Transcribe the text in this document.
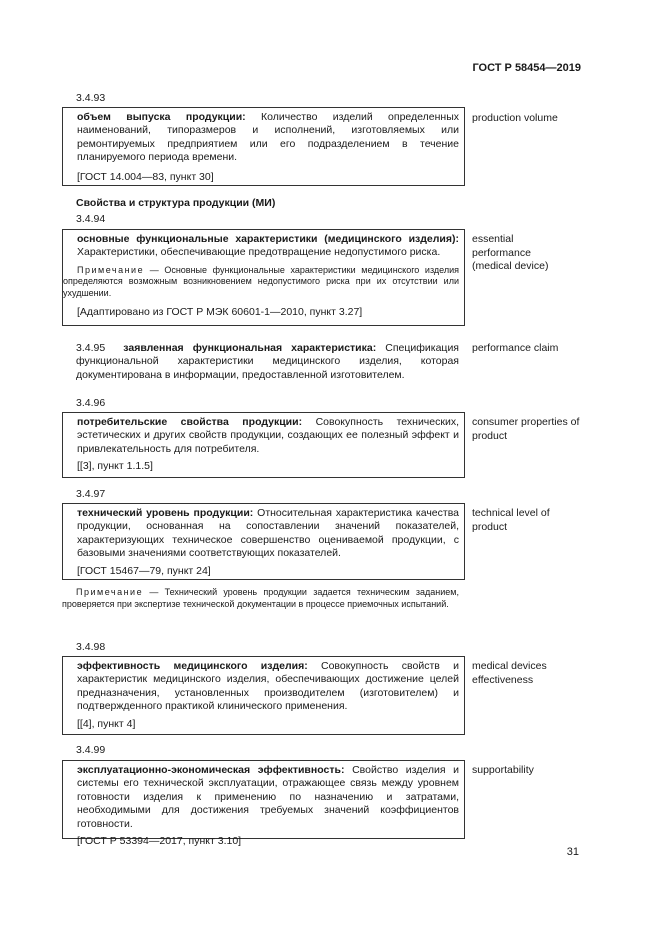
ГОСТ Р 58454—2019
3.4.93
объем выпуска продукции: Количество изделий определенных наименований, типоразмеров и исполнений, изготовляемых или ремонтируемых предприятием или его подразделением в течение планируемого периода времени.
[ГОСТ 14.004—83, пункт 30]
production volume
Свойства и структура продукции (МИ)
3.4.94
основные функциональные характеристики (медицинского изделия): Характеристики, обеспечивающие предотвращение недопустимого риска.
Примечание — Основные функциональные характеристики медицинского изделия определяются возможным возникновением недопустимого риска при их отсутствии или ухудшении.
[Адаптировано из ГОСТ Р МЭК 60601-1—2010, пункт 3.27]
essential performance (medical device)
3.4.95 заявленная функциональная характеристика: Спецификация функциональной характеристики медицинского изделия, которая документирована в информации, предоставленной изготовителем.
performance claim
3.4.96
потребительские свойства продукции: Совокупность технических, эстетических и других свойств продукции, создающих ее полезный эффект и привлекательность для потребителя.
[[3], пункт 1.1.5]
consumer properties of product
3.4.97
технический уровень продукции: Относительная характеристика качества продукции, основанная на сопоставлении значений показателей, характеризующих техническое совершенство оцениваемой продукции, с базовыми значениями соответствующих показателей.
[ГОСТ 15467—79, пункт 24]
technical level of product
Примечание — Технический уровень продукции задается техническим заданием, проверяется при экспертизе технической документации в процессе приемочных испытаний.
3.4.98
эффективность медицинского изделия: Совокупность свойств и характеристик медицинского изделия, обеспечивающих достижение целей предназначения, установленных производителем (изготовителем) и подтвержденного практикой клинического применения.
[[4], пункт 4]
medical devices effectiveness
3.4.99
эксплуатационно-экономическая эффективность: Свойство изделия и системы его технической эксплуатации, отражающее связь между уровнем готовности изделия к применению по назначению и затратами, необходимыми для достижения требуемых значений коэффициентов готовности.
[ГОСТ Р 53394—2017, пункт 3.10]
supportability
31
